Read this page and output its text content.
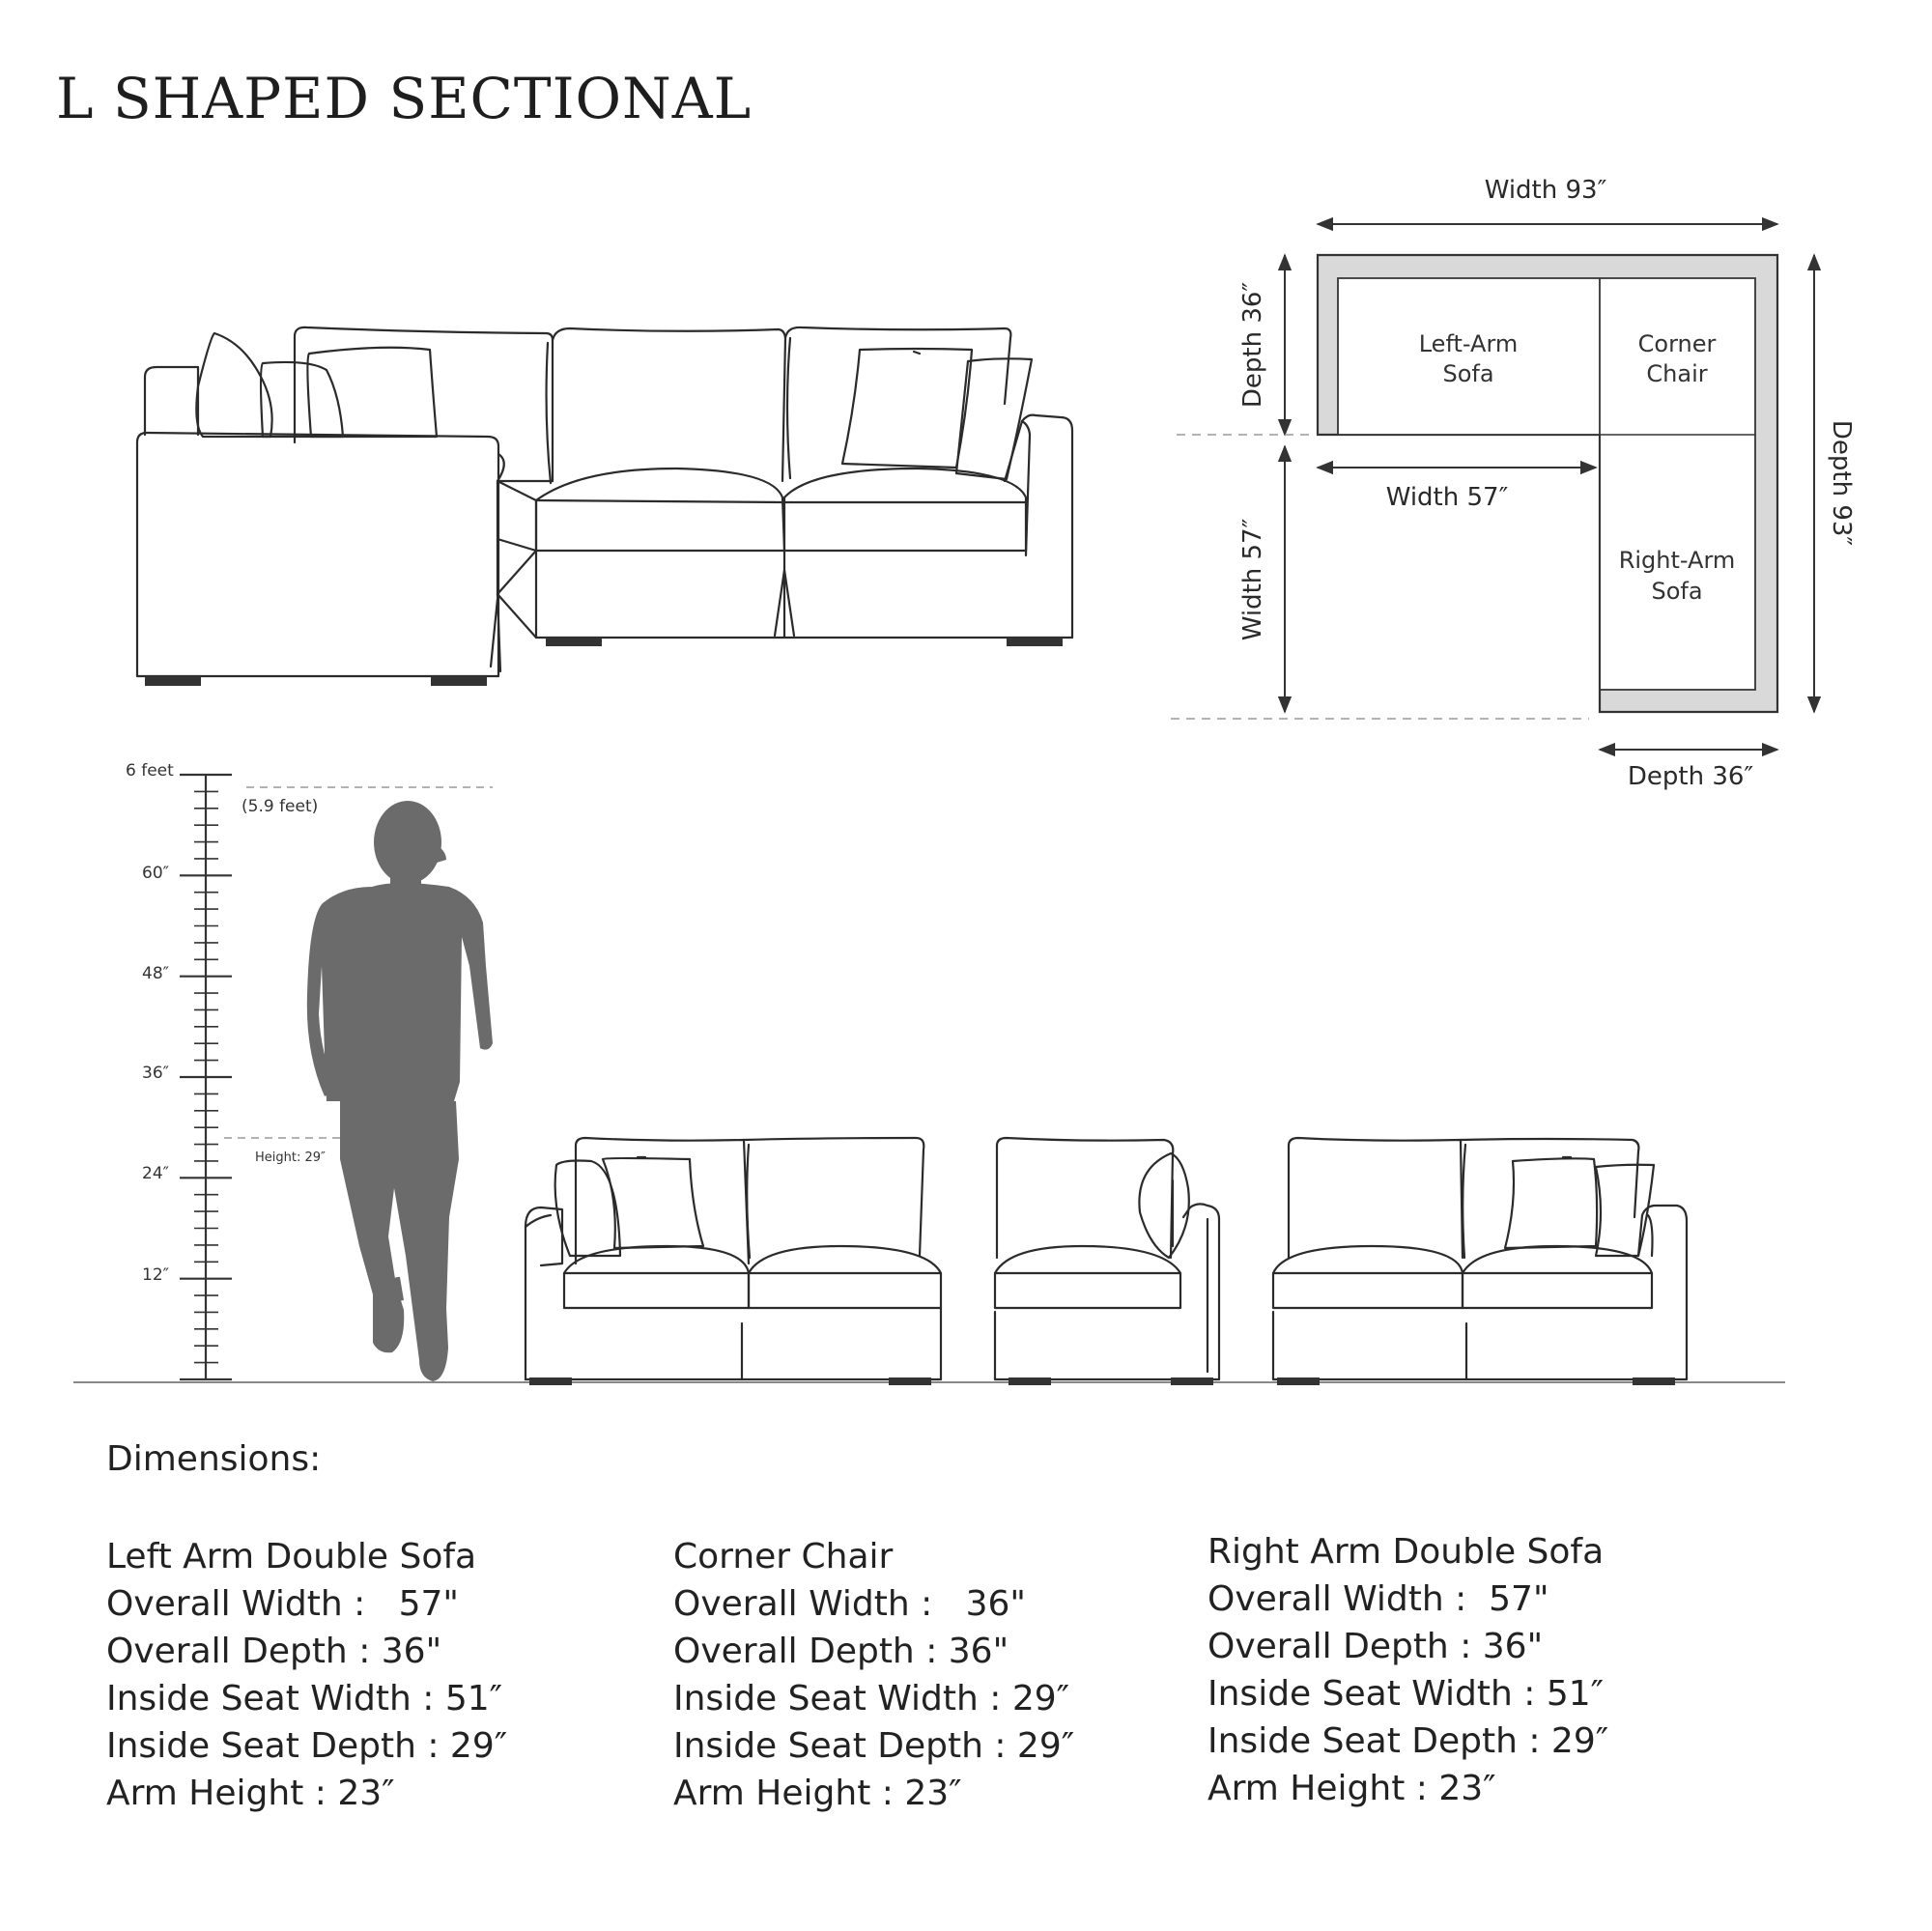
L SHAPED SECTIONAL
Left-Arm
Sofa
Corner
Chair
Right-Arm
Sofa
Width 93″
Depth 36″
Width 57″
Width 57″	Depth 93″
Depth 36″
6 feet
60″
48″
36″
24″
12″
(5.9 feet)
Height: 29″
Dimensions:
Left Arm Double Sofa
Overall Width :   57"
Overall Depth : 36"
Inside Seat Width : 51″
Inside Seat Depth : 29″
Arm Height : 23″
Corner Chair
Overall Width :   36"
Overall Depth : 36"
Inside Seat Width : 29″
Inside Seat Depth : 29″
Arm Height : 23″
Right Arm Double Sofa
Overall Width :  57"
Overall Depth : 36"
Inside Seat Width : 51″
Inside Seat Depth : 29″
Arm Height : 23″
